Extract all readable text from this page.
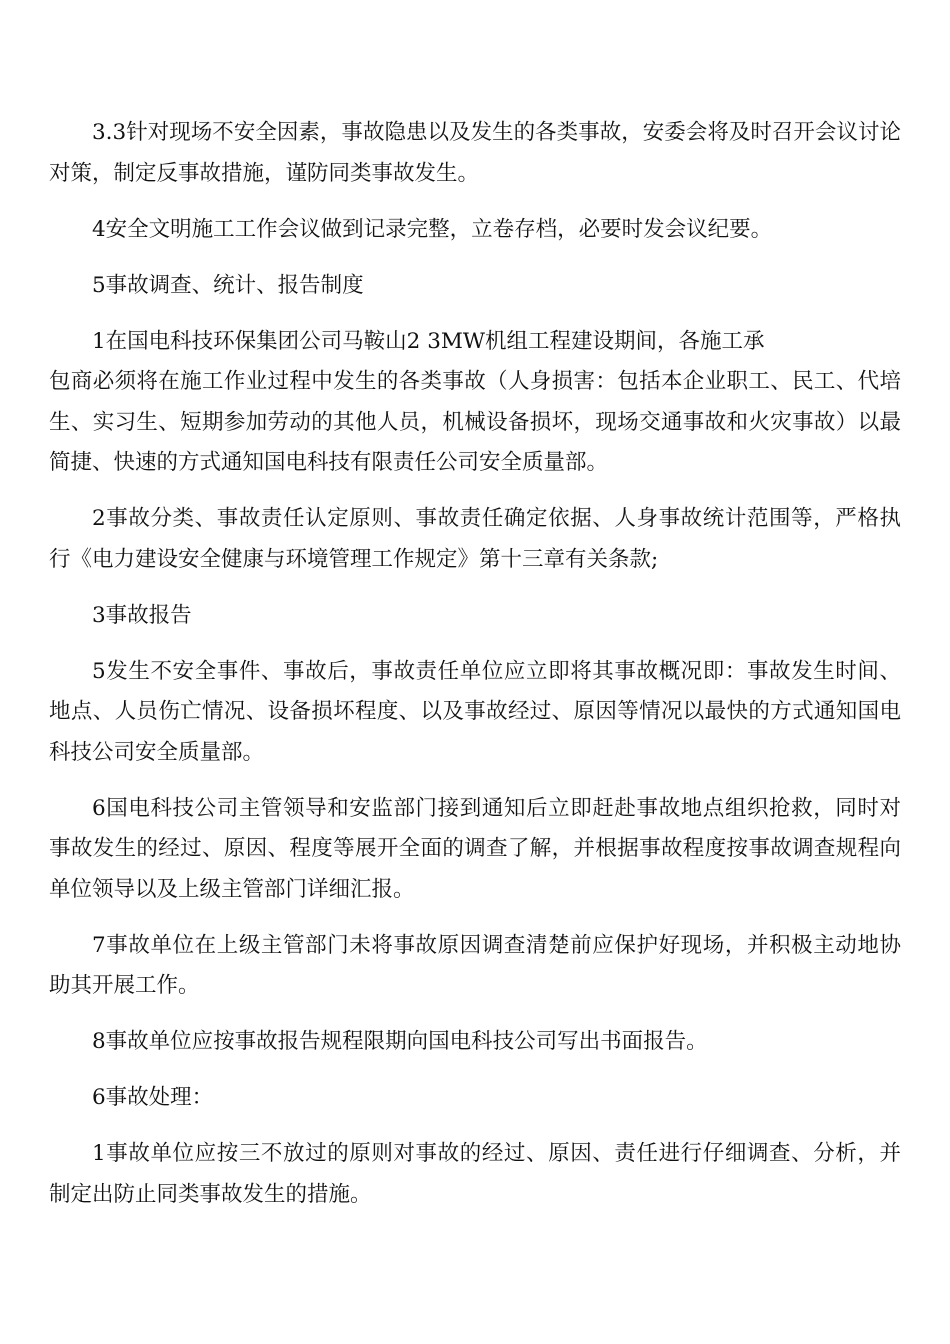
3.3针对现场不安全因素，事故隐患以及发生的各类事故，安委会将及时召开会议讨论对策，制定反事故措施，谨防同类事故发生。

4安全文明施工工作会议做到记录完整，立卷存档，必要时发会议纪要。

5事故调查、统计、报告制度

1在国电科技环保集团公司马鞍山2 3MW机组工程建设期间，各施工承

包商必须将在施工作业过程中发生的各类事故（人身损害：包括本企业职工、民工、代培生、实习生、短期参加劳动的其他人员，机械设备损坏，现场交通事故和火灾事故）以最简捷、快速的方式通知国电科技有限责任公司安全质量部。

2事故分类、事故责任认定原则、事故责任确定依据、人身事故统计范围等，严格执行《电力建设安全健康与环境管理工作规定》第十三章有关条款;

3事故报告

5发生不安全事件、事故后，事故责任单位应立即将其事故概况即：事故发生时间、地点、人员伤亡情况、设备损坏程度、以及事故经过、原因等情况以最快的方式通知国电科技公司安全质量部。

6国电科技公司主管领导和安监部门接到通知后立即赶赴事故地点组织抢救，同时对事故发生的经过、原因、程度等展开全面的调查了解，并根据事故程度按事故调查规程向单位领导以及上级主管部门详细汇报。

7事故单位在上级主管部门未将事故原因调查清楚前应保护好现场，并积极主动地协助其开展工作。

8事故单位应按事故报告规程限期向国电科技公司写出书面报告。

6事故处理：

1事故单位应按三不放过的原则对事故的经过、原因、责任进行仔细调查、分析，并制定出防止同类事故发生的措施。
